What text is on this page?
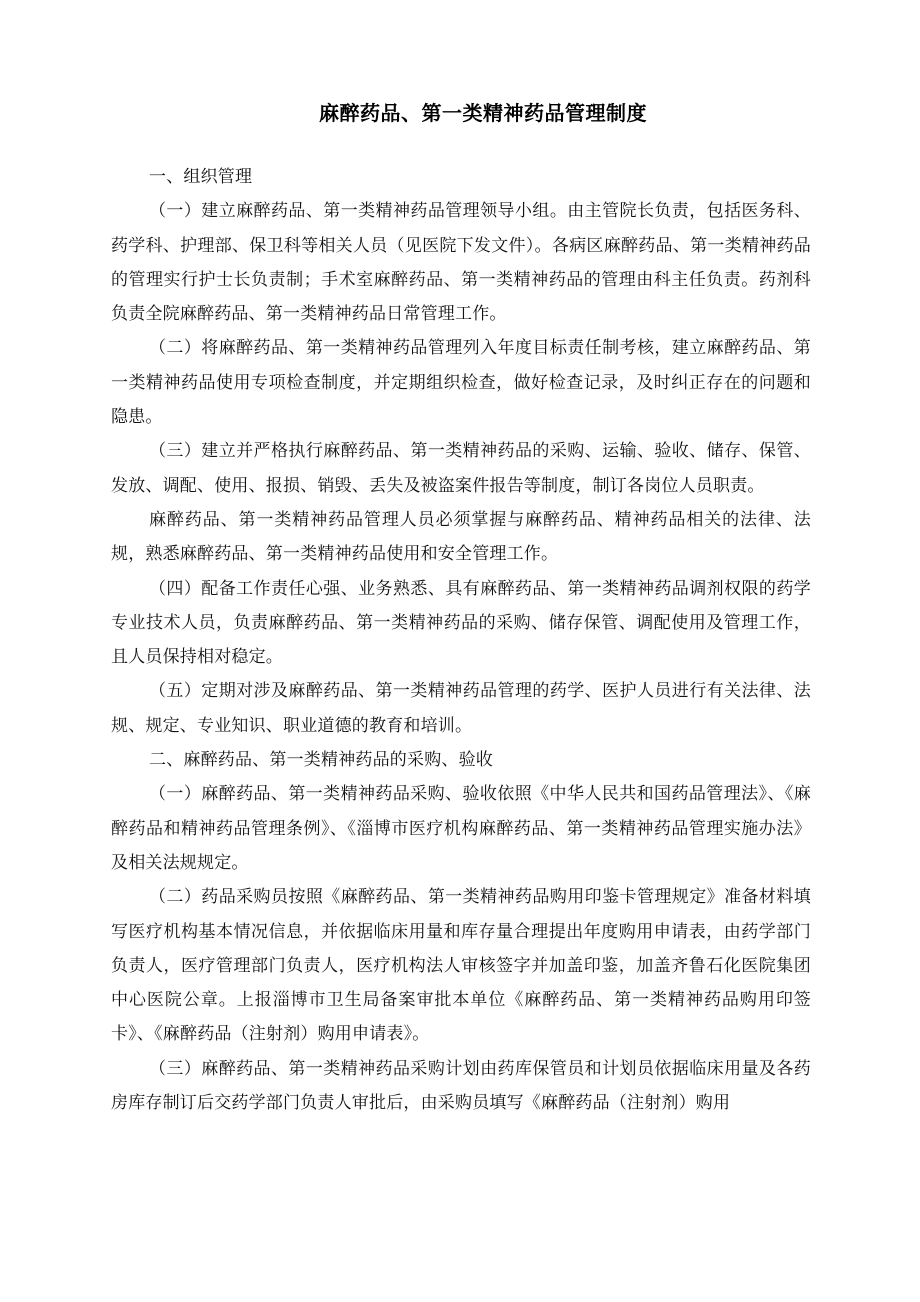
麻醉药品、第一类精神药品管理制度

一、组织管理

（一）建立麻醉药品、第一类精神药品管理领导小组。由主管院长负责，包括医务科、药学科、护理部、保卫科等相关人员（见医院下发文件）。各病区麻醉药品、第一类精神药品的管理实行护士长负责制；手术室麻醉药品、第一类精神药品的管理由科主任负责。药剂科负责全院麻醉药品、第一类精神药品日常管理工作。

（二）将麻醉药品、第一类精神药品管理列入年度目标责任制考核，建立麻醉药品、第一类精神药品使用专项检查制度，并定期组织检查，做好检查记录，及时纠正存在的问题和隐患。

（三）建立并严格执行麻醉药品、第一类精神药品的采购、运输、验收、储存、保管、发放、调配、使用、报损、销毁、丢失及被盗案件报告等制度，制订各岗位人员职责。

麻醉药品、第一类精神药品管理人员必须掌握与麻醉药品、精神药品相关的法律、法规，熟悉麻醉药品、第一类精神药品使用和安全管理工作。

（四）配备工作责任心强、业务熟悉、具有麻醉药品、第一类精神药品调剂权限的药学专业技术人员，负责麻醉药品、第一类精神药品的采购、储存保管、调配使用及管理工作，且人员保持相对稳定。

（五）定期对涉及麻醉药品、第一类精神药品管理的药学、医护人员进行有关法律、法规、规定、专业知识、职业道德的教育和培训。

二、麻醉药品、第一类精神药品的采购、验收

（一）麻醉药品、第一类精神药品采购、验收依照《中华人民共和国药品管理法》、《麻醉药品和精神药品管理条例》、《淄博市医疗机构麻醉药品、第一类精神药品管理实施办法》及相关法规规定。

（二）药品采购员按照《麻醉药品、第一类精神药品购用印鉴卡管理规定》准备材料填写医疗机构基本情况信息，并依据临床用量和库存量合理提出年度购用申请表，由药学部门负责人，医疗管理部门负责人，医疗机构法人审核签字并加盖印鉴，加盖齐鲁石化医院集团中心医院公章。上报淄博市卫生局备案审批本单位《麻醉药品、第一类精神药品购用印签卡》、《麻醉药品（注射剂）购用申请表》。

（三）麻醉药品、第一类精神药品采购计划由药库保管员和计划员依据临床用量及各药房库存制订后交药学部门负责人审批后，由采购员填写《麻醉药品（注射剂）购用
